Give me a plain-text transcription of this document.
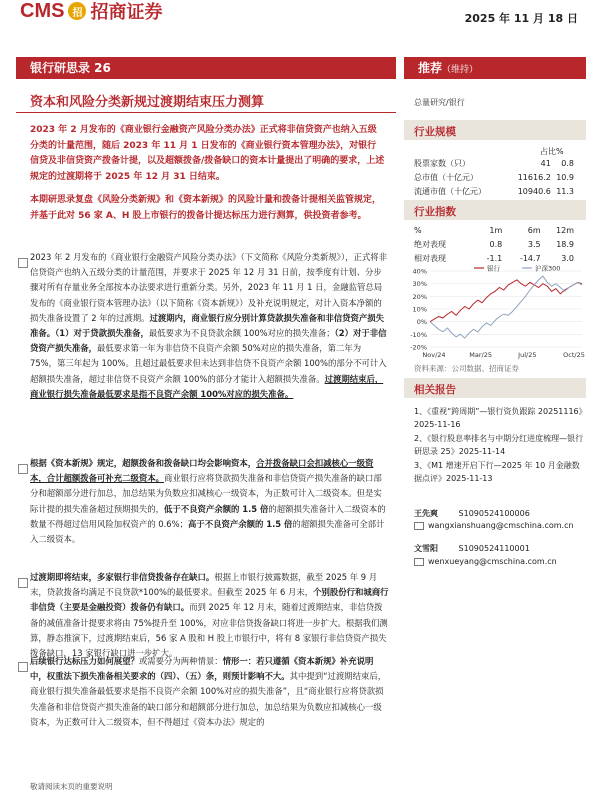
CMS 招 招商证券	2025 年 11 月 18 日
银行研思录 26	推荐（维持）
资本和风险分类新规过渡期结束压力测算
2023 年 2 月发布的《商业银行金融资产风险分类办法》正式将非信贷资产也纳入五级分类的计量范围，随后 2023 年 11 月 1 日发布的《商业银行资本管理办法》，对银行信贷及非信贷资产拨备计提，以及超额拨备/拨备缺口的资本计量提出了明确的要求，上述规定的过渡期将于 2025 年 12 月 31 日结束。
本期研思录复盘《风险分类新规》和《资本新规》的风险计量和拨备计提相关监管规定，并基于此对 56 家 A、H 股上市银行的拨备计提达标压力进行测算，供投资者参考。
2023 年 2 月发布的《商业银行金融资产风险分类办法》（下文简称《风险分类新规》），正式将非信贷资产也纳入五级分类的计量范围，并要求于 2025 年 12 月 31 日前，按季度有计划、分步骤对所有存量业务全部按本办法要求进行重新分类。另外，2023 年 11 月 1 日，金融监管总局发布的《商业银行资本管理办法》（以下简称《资本新规》）及补充说明规定，对计入资本净额的损失准备设置了 2 年的过渡期。过渡期内，商业银行应分别计算贷款损失准备和非信贷资产损失准备。（1）对于贷款损失准备，最低要求为不良贷款余额 100%对应的损失准备；（2）对于非信贷资产损失准备，最低要求第一年为非信贷不良资产余额 50%对应的损失准备，第二年为 75%，第三年起为 100%。且超过最低要求但未达到非信贷不良资产余额 100%的部分不可计入超额损失准备，超过非信贷不良资产余额 100%的部分才能计入超额损失准备。过渡期结束后，商业银行损失准备最低要求是指不良资产余额 100%对应的损失准备。
根据《资本新规》规定，超额拨备和拨备缺口均会影响资本，合并拨备缺口会扣减核心一级资本，合计超额拨备可补充二级资本。商业银行应将贷款损失准备和非信贷资产损失准备的缺口部分和超额部分进行加总，加总结果为负数应扣减核心一级资本，为正数可计入二级资本。但是实际计提的损失准备超过预期损失的，低于不良资产余额的 1.5 倍的超额损失准备计入二级资本的数量不得超过信用风险加权资产的 0.6%；高于不良资产余额的 1.5 倍的超额损失准备可全部计入二级资本。
过渡期即将结束，多家银行非信贷拨备存在缺口。根据上市银行披露数据，截至 2025 年 9 月末，贷款拨备均满足不良贷款*100%的最低要求。但截至 2025 年 6 月末，个别股份行和城商行非信贷（主要是金融投资）拨备仍有缺口。而到 2025 年 12 月末，随着过渡期结束，非信贷拨备的减值准备计提要求将由 75%提升至 100%，对应非信贷拨备缺口将进一步扩大。根据我们测算，静态推演下，过渡期结束后，56 家 A 股和 H 股上市银行中，将有 8 家银行非信贷资产损失拨备缺口，13 家银行缺口进一步扩大。
后续银行达标压力如何展望？或需要分为两种情景：情形一：若只遵循《资本新规》补充说明中，权重法下损失准备相关要求的（四）、（五）条，则预计影响不大。其中提到“过渡期结束后，商业银行损失准备最低要求是指不良资产余额 100%对应的损失准备”，且“商业银行应将贷款损失准备和非信贷资产损失准备的缺口部分和超额部分进行加总，加总结果为负数应扣减核心一级资本，为正数可计入二级资本，但不得超过《资本办法》规定的
总量研究/银行
行业规模
占比%
股票家数（只）	41	0.8
总市值（十亿元）	11616.2	10.9
流通市值（十亿元）	10940.6	11.3
行业指数
%	1m	6m	12m
绝对表现	0.8	3.5	18.9
相对表现	-1.1	-14.7	3.0
40%
30%
20%
10%
0%
-10%
-20%
Nov/24	Mar/25	Jul/25	Oct/25
银行	沪深300
资料来源：公司数据、招商证券
相关报告
1、《重视“跨周期”—银行资负跟踪 20251116》2025-11-16
2、《银行股息率排名与中期分红进度梳理—银行研思录 25》2025-11-14
3、《M1 增速开启下行—2025 年 10 月金融数据点评》2025-11-13
王先爽	S1090524100006
wangxianshuang@cmschina.com.cn
文雪阳	S1090524110001
wenxueyang@cmschina.com.cn
敬请阅读末页的重要说明
